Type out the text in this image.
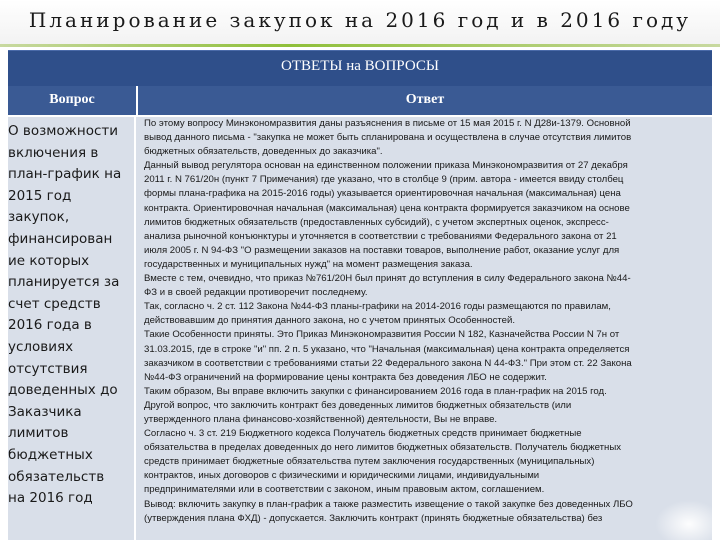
Планирование закупок на 2016 год и в 2016 году
ОТВЕТЫ на ВОПРОСЫ
Вопрос	Ответ
О возможности
включения в
план-график на
2015 год
закупок,
финансирован
ие которых
планируется за
счет средств
2016 года в
условиях
отсутствия
доведенных до
Заказчика
лимитов
бюджетных
обязательств
на 2016 год
По этому вопросу Минэкономразвития даны разъяснения в письме от 15 мая 2015 г. N Д28и-1379. Основной
вывод данного письма - "закупка не может быть спланирована и осуществлена в случае отсутствия лимитов
бюджетных обязательств, доведенных до заказчика".
Данный вывод регулятора основан на единственном положении приказа Минэкономразвития от 27 декабря
2011 г. N 761/20н (пункт 7 Примечания) где указано, что в столбце 9 (прим. автора - имеется ввиду столбец
формы плана-графика на 2015-2016 годы) указывается ориентировочная начальная (максимальная) цена
контракта. Ориентировочная начальная (максимальная) цена контракта формируется заказчиком на основе
лимитов бюджетных обязательств (предоставленных субсидий), с учетом экспертных оценок, экспресс-
анализа рыночной конъюнктуры и уточняется в соответствии с требованиями Федерального закона от 21
июля 2005 г. N 94-ФЗ "О размещении заказов на поставки товаров, выполнение работ, оказание услуг для
государственных и муниципальных нужд" на момент размещения заказа.
Вместе с тем, очевидно, что приказ №761/20Н был принят до вступления в силу Федерального закона №44-
ФЗ и в своей редакции противоречит последнему.
Так, согласно ч. 2 ст. 112 Закона №44-ФЗ планы-графики на 2014-2016 годы размещаются по правилам,
действовавшим до принятия данного закона, но с учетом принятых Особенностей.
Такие Особенности приняты. Это Приказ Минэкономразвития России N 182, Казначейства России N 7н от
31.03.2015, где в строке "и" пп. 2 п. 5 указано, что "Начальная (максимальная) цена контракта определяется
заказчиком в соответствии с требованиями статьи 22 Федерального закона N 44-ФЗ." При этом ст. 22 Закона
№44-ФЗ ограничений на формирование цены контракта без доведения ЛБО не содержит.
Таким образом, Вы вправе включить закупки с финансированием 2016 года в план-график на 2015 год.
Другой вопрос, что заключить контракт без доведенных лимитов бюджетных обязательств (или
утвержденного плана финансово-хозяйственной) деятельности, Вы не вправе.
Согласно ч. 3 ст. 219 Бюджетного кодекса Получатель бюджетных средств принимает бюджетные
обязательства в пределах доведенных до него лимитов бюджетных обязательств. Получатель бюджетных
средств принимает бюджетные обязательства путем заключения государственных (муниципальных)
контрактов, иных договоров с физическими и юридическими лицами, индивидуальными
предпринимателями или в соответствии с законом, иным правовым актом, соглашением.
Вывод: включить закупку в план-график а также разместить извещение о такой закупке без доведенных ЛБО
(утверждения плана ФХД) - допускается. Заключить контракт (принять бюджетные обязательства) без
